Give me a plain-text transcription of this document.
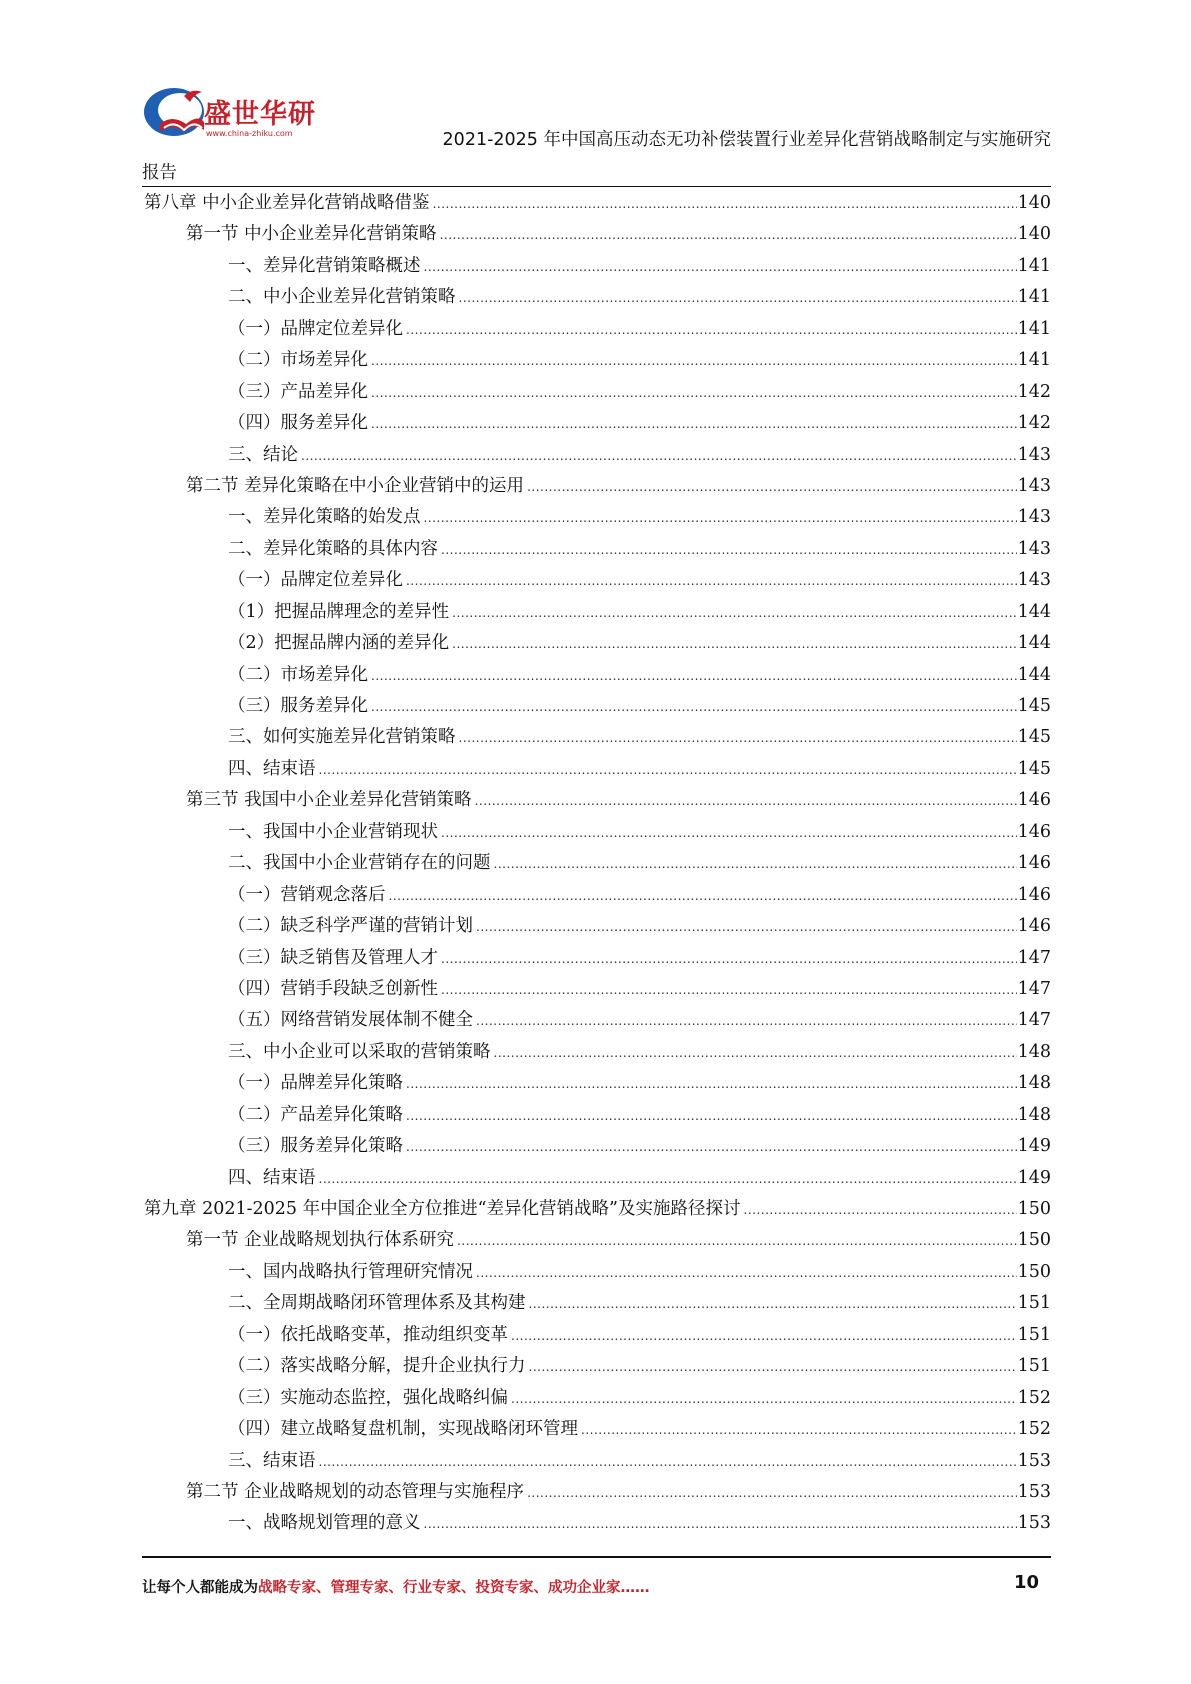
盛世华研
www.china-zhiku.com	2021-2025 年中国高压动态无功补偿装置行业差异化营销战略制定与实施研究
报告
第八章 中小企业差异化营销战略借鉴 .....	140
第一节 中小企业差异化营销策略 .....	140
一、差异化营销策略概述 .....	141
二、中小企业差异化营销策略 .....	141
（一）品牌定位差异化 .....	141
（二）市场差异化 .....	141
（三）产品差异化 .....	142
（四）服务差异化 .....	142
三、结论 .....	143
第二节 差异化策略在中小企业营销中的运用 .....	143
一、差异化策略的始发点 .....	143
二、差异化策略的具体内容 .....	143
（一）品牌定位差异化 .....	143
（1）把握品牌理念的差异性 .....	144
（2）把握品牌内涵的差异化 .....	144
（二）市场差异化 .....	144
（三）服务差异化 .....	145
三、如何实施差异化营销策略 .....	145
四、结束语 .....	145
第三节 我国中小企业差异化营销策略 .....	146
一、我国中小企业营销现状 .....	146
二、我国中小企业营销存在的问题 .....	146
（一）营销观念落后 .....	146
（二）缺乏科学严谨的营销计划 .....	146
（三）缺乏销售及管理人才 .....	147
（四）营销手段缺乏创新性 .....	147
（五）网络营销发展体制不健全 .....	147
三、中小企业可以采取的营销策略 .....	148
（一）品牌差异化策略 .....	148
（二）产品差异化策略 .....	148
（三）服务差异化策略 .....	149
四、结束语 .....	149
第九章 2021-2025 年中国企业全方位推进“差异化营销战略”及实施路径探讨 .....	150
第一节 企业战略规划执行体系研究 .....	150
一、国内战略执行管理研究情况 .....	150
二、全周期战略闭环管理体系及其构建 .....	151
（一）依托战略变革，推动组织变革 .....	151
（二）落实战略分解，提升企业执行力 .....	151
（三）实施动态监控，强化战略纠偏 .....	152
（四）建立战略复盘机制，实现战略闭环管理 .....	152
三、结束语 .....	153
第二节 企业战略规划的动态管理与实施程序 .....	153
一、战略规划管理的意义 .....	153
让每个人都能成为战略专家、管理专家、行业专家、投资专家、成功企业家……	10
